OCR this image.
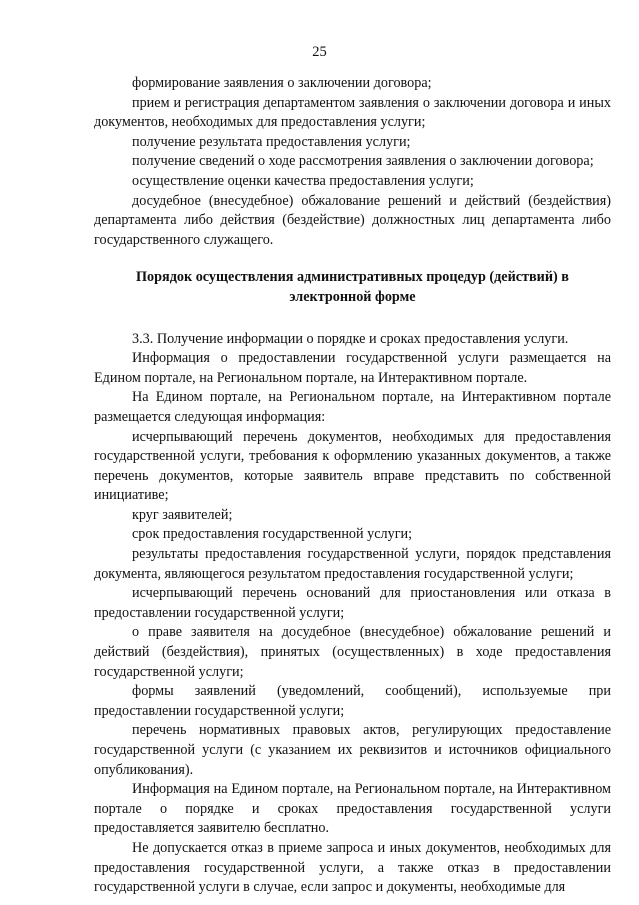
25

формирование заявления о заключении договора;

прием и регистрация департаментом заявления о заключении договора и иных документов, необходимых для предоставления услуги;

получение результата предоставления услуги;

получение сведений о ходе рассмотрения заявления о заключении договора;

осуществление оценки качества предоставления услуги;

досудебное (внесудебное) обжалование решений и действий (бездействия) департамента либо действия (бездействие) должностных лиц департамента либо государственного служащего.

Порядок осуществления административных процедур (действий) в электронной форме

3.3. Получение информации о порядке и сроках предоставления услуги.

Информация о предоставлении государственной услуги размещается на Едином портале, на Региональном портале, на Интерактивном портале.

На Едином портале, на Региональном портале, на Интерактивном портале размещается следующая информация:

исчерпывающий перечень документов, необходимых для предоставления государственной услуги, требования к оформлению указанных документов, а также перечень документов, которые заявитель вправе представить по собственной инициативе;

круг заявителей;

срок предоставления государственной услуги;

результаты предоставления государственной услуги, порядок представления документа, являющегося результатом предоставления государственной услуги;

исчерпывающий перечень оснований для приостановления или отказа в предоставлении государственной услуги;

о праве заявителя на досудебное (внесудебное) обжалование решений и действий (бездействия), принятых (осуществленных) в ходе предоставления государственной услуги;

формы заявлений (уведомлений, сообщений), используемые при предоставлении государственной услуги;

перечень нормативных правовых актов, регулирующих предоставление государственной услуги (с указанием их реквизитов и источников официального опубликования).

Информация на Едином портале, на Региональном портале, на Интерактивном портале о порядке и сроках предоставления государственной услуги предоставляется заявителю бесплатно.

Не допускается отказ в приеме запроса и иных документов, необходимых для предоставления государственной услуги, а также отказ в предоставлении государственной услуги в случае, если запрос и документы, необходимые для
